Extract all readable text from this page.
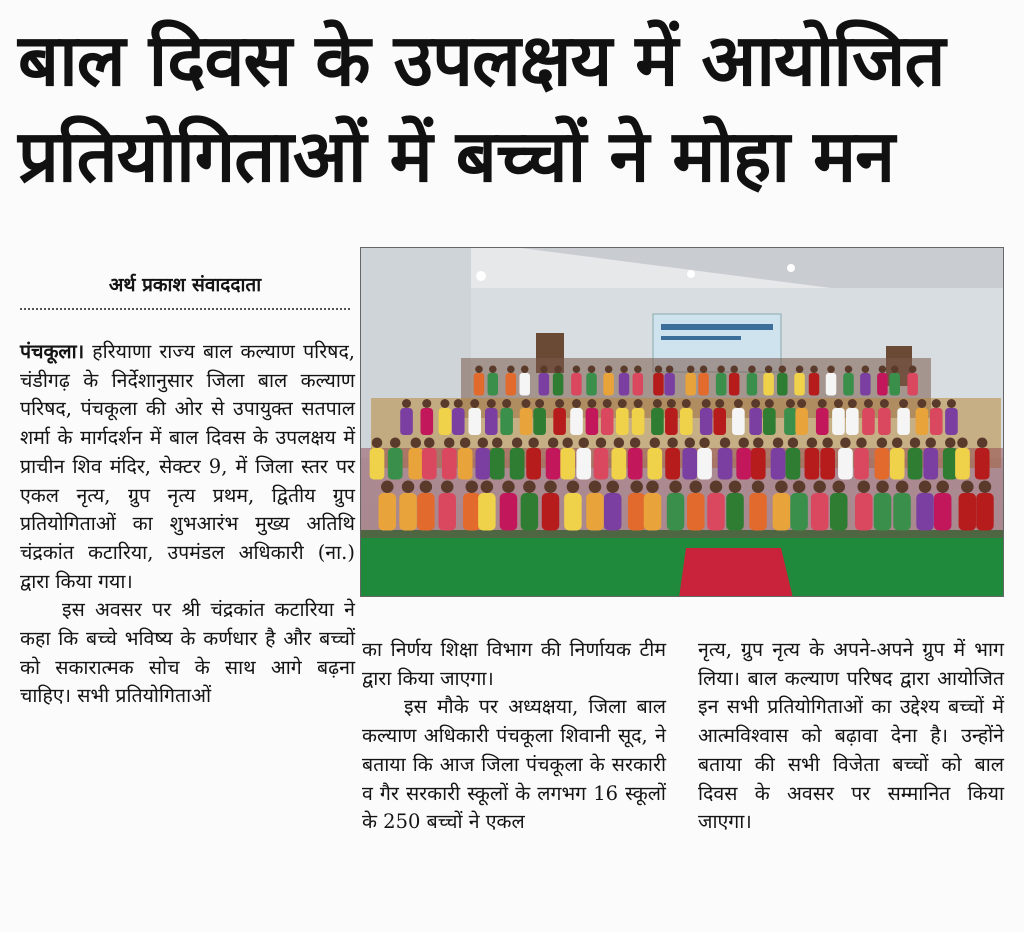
बाल दिवस के उपलक्षय में आयोजित
प्रतियोगिताओं में बच्चों ने मोहा मन
अर्थ प्रकाश संवाददाता

पंचकूला। हरियाणा राज्य बाल कल्याण परिषद, चंडीगढ़ के निर्देशानुसार जिला बाल कल्याण परिषद, पंचकूला की ओर से उपायुक्त सतपाल शर्मा के मार्गदर्शन में बाल दिवस के उपलक्षय में प्राचीन शिव मंदिर, सेक्टर 9, में जिला स्तर पर एकल नृत्य, ग्रुप नृत्य प्रथम, द्वितीय ग्रुप प्रतियोगिताओं का शुभआरंभ मुख्य अतिथि चंद्रकांत कटारिया, उपमंडल अधिकारी (ना.) द्वारा किया गया।

इस अवसर पर श्री चंद्रकांत कटारिया ने कहा कि बच्चे भविष्य के कर्णधार है और बच्चों को सकारात्मक सोच के साथ आगे बढ़ना चाहिए। सभी प्रतियोगिताओं

का निर्णय शिक्षा विभाग की निर्णायक टीम द्वारा किया जाएगा।

इस मौके पर अध्यक्षया, जिला बाल कल्याण अधिकारी पंचकूला शिवानी सूद, ने बताया कि आज जिला पंचकूला के सरकारी व गैर सरकारी स्कूलों के लगभग 16 स्कूलों के 250 बच्चों ने एकल

नृत्य, ग्रुप नृत्य के अपने-अपने ग्रुप में भाग लिया। बाल कल्याण परिषद द्वारा आयोजित इन सभी प्रतियोगिताओं का उद्देश्य बच्चों में आत्मविश्वास को बढ़ावा देना है। उन्होंने बताया की सभी विजेता बच्चों को बाल दिवस के अवसर पर सम्मानित किया जाएगा।
